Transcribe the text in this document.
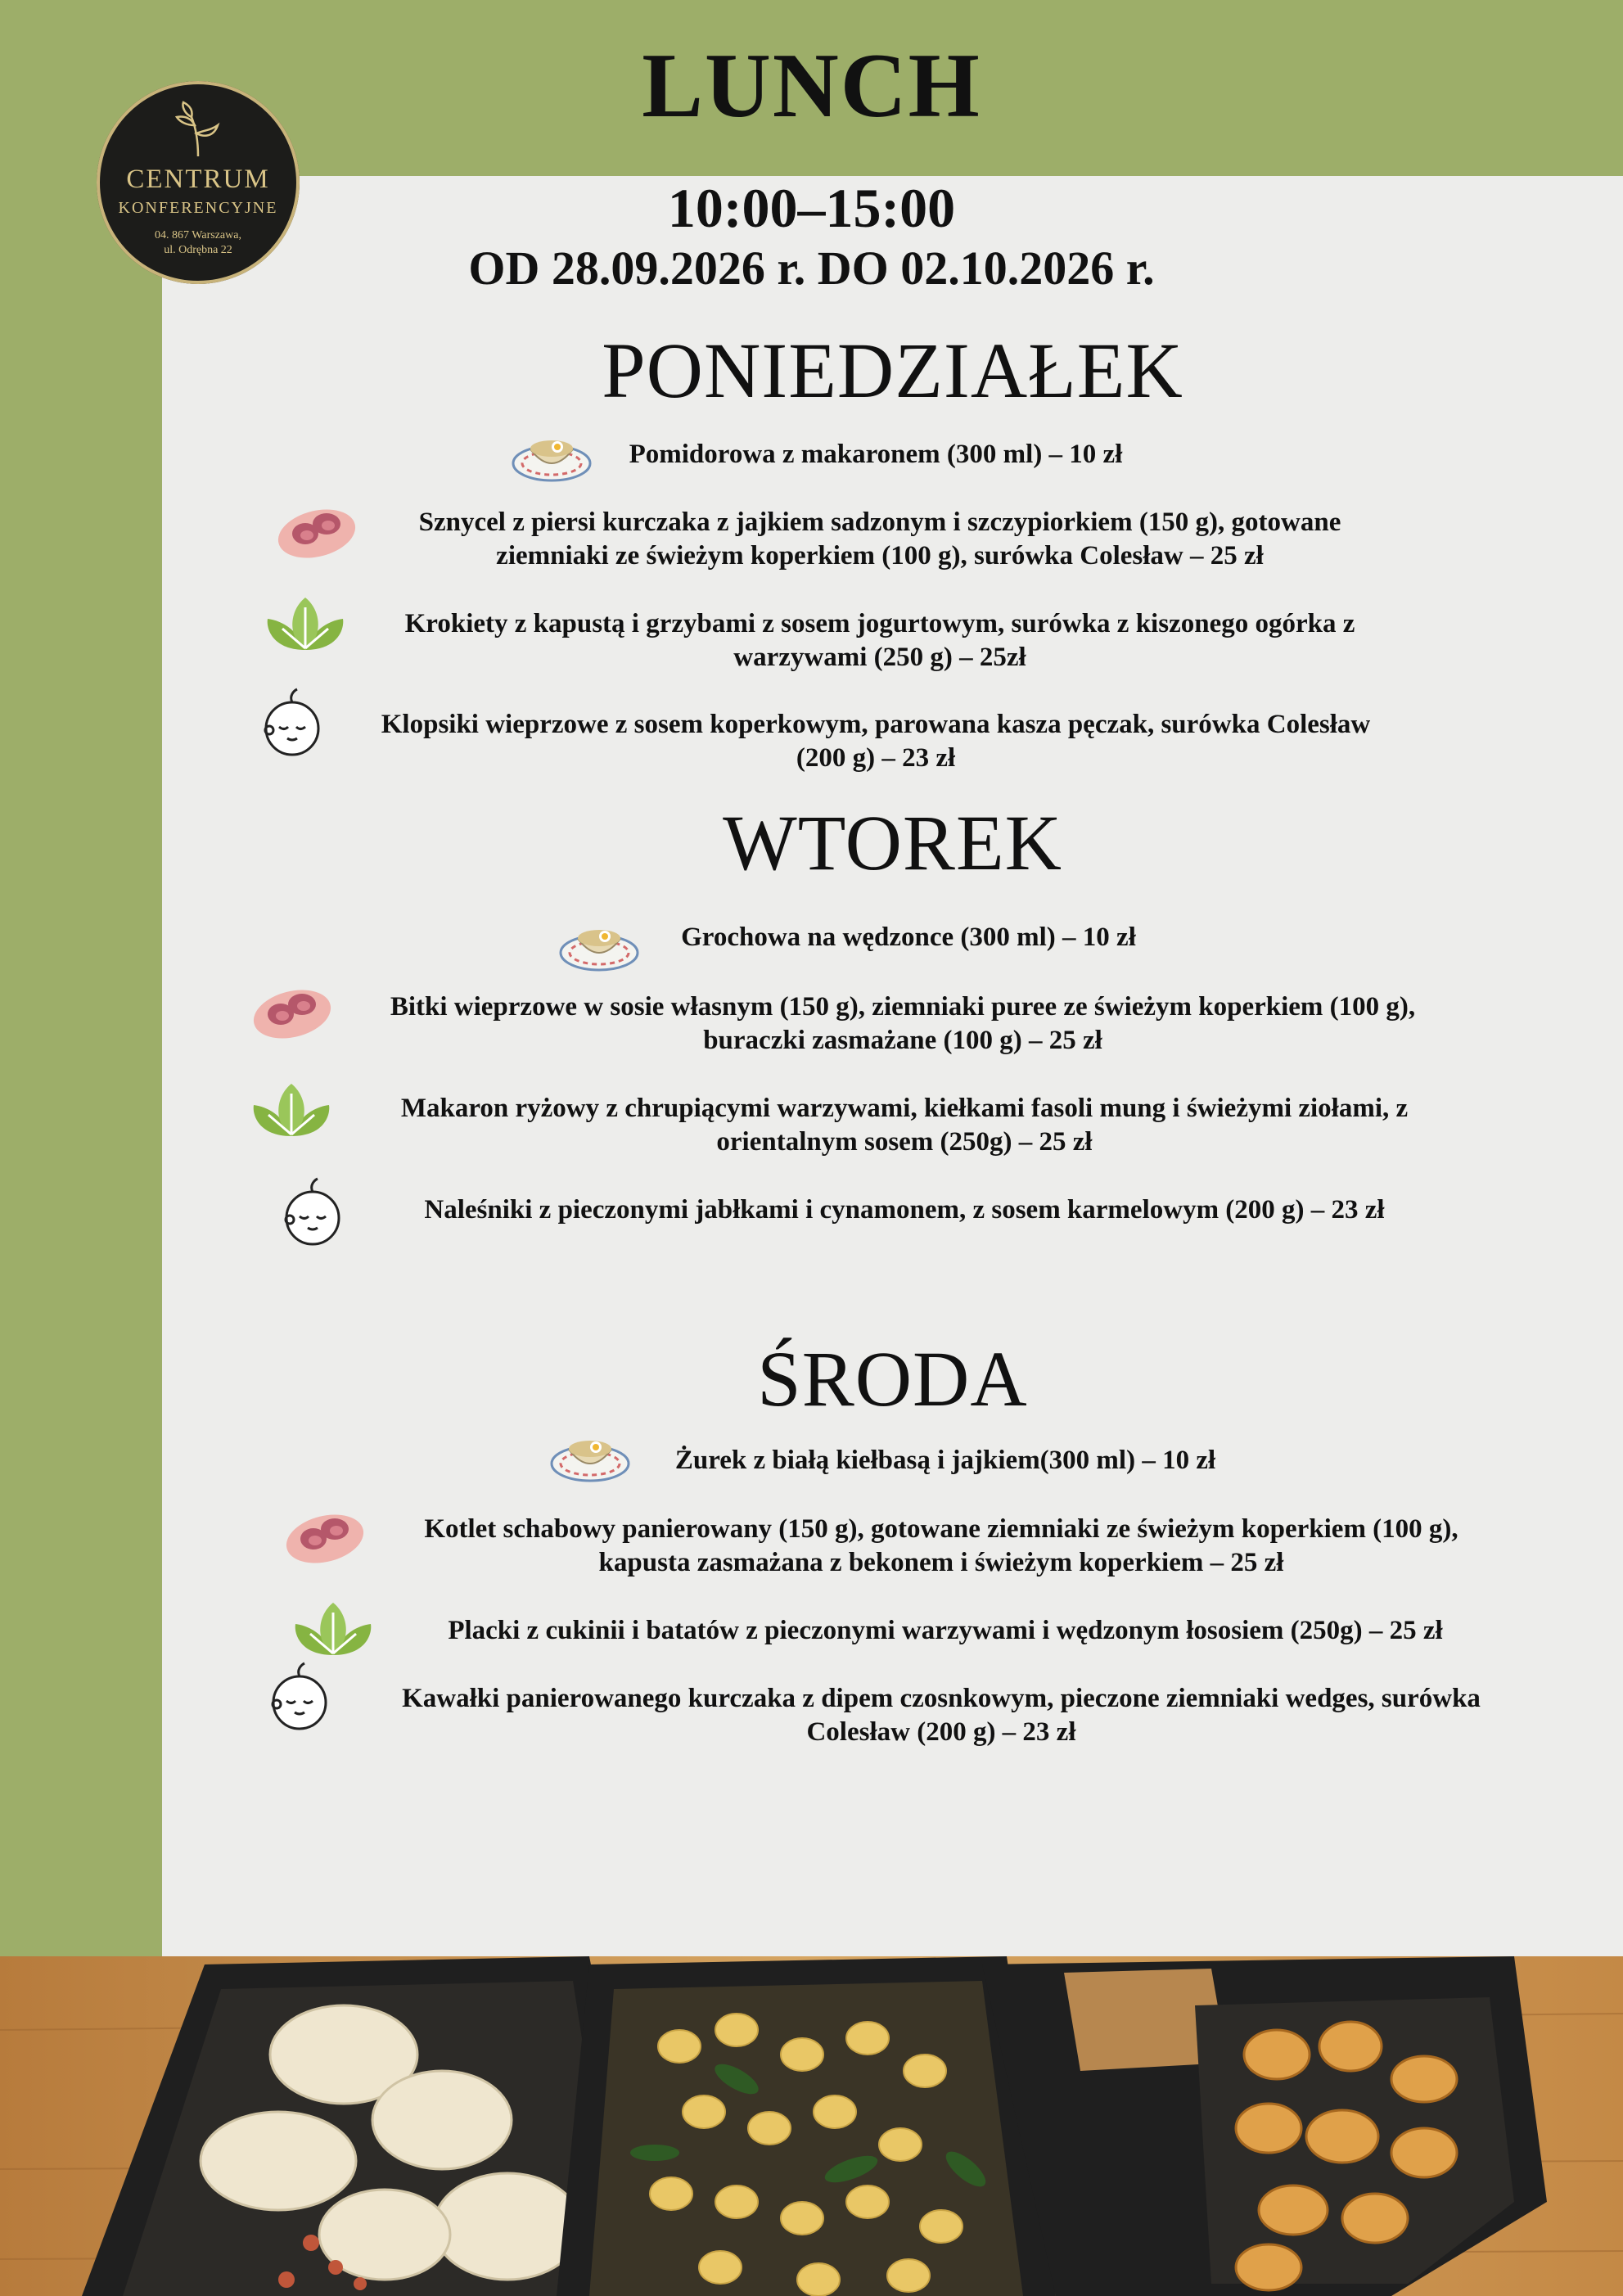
LUNCH
10:00–15:00
OD 28.09.2026 r. DO 02.10.2026 r.
CENTRUM
KONFERENCYJNE
04. 867 Warszawa,
ul. Odrębna 22
PONIEDZIAŁEK
Pomidorowa z makaronem (300 ml) – 10 zł
Sznycel z piersi kurczaka z jajkiem sadzonym i szczypiorkiem (150 g), gotowane
ziemniaki ze świeżym koperkiem (100 g), surówka Colesław – 25 zł
Krokiety z kapustą i grzybami z sosem jogurtowym, surówka z kiszonego ogórka z
warzywami (250 g) – 25zł
Klopsiki wieprzowe z sosem koperkowym, parowana kasza pęczak, surówka Colesław
(200 g) – 23 zł
WTOREK
Grochowa na wędzonce (300 ml) – 10 zł
Bitki wieprzowe w sosie własnym (150 g), ziemniaki puree ze świeżym koperkiem (100 g),
buraczki zasmażane (100 g) – 25 zł
Makaron ryżowy z chrupiącymi warzywami, kiełkami fasoli mung i świeżymi ziołami, z
orientalnym sosem (250g) – 25 zł
Naleśniki z pieczonymi jabłkami i cynamonem, z sosem karmelowym (200 g) – 23 zł
ŚRODA
Żurek z białą kiełbasą i jajkiem(300 ml) – 10 zł
Kotlet schabowy panierowany (150 g), gotowane ziemniaki ze świeżym koperkiem (100 g),
kapusta zasmażana z bekonem i świeżym koperkiem – 25 zł
Placki z cukinii i batatów z pieczonymi warzywami i wędzonym łososiem (250g) – 25 zł
Kawałki panierowanego kurczaka z dipem czosnkowym, pieczone ziemniaki wedges, surówka
Colesław (200 g) – 23 zł
